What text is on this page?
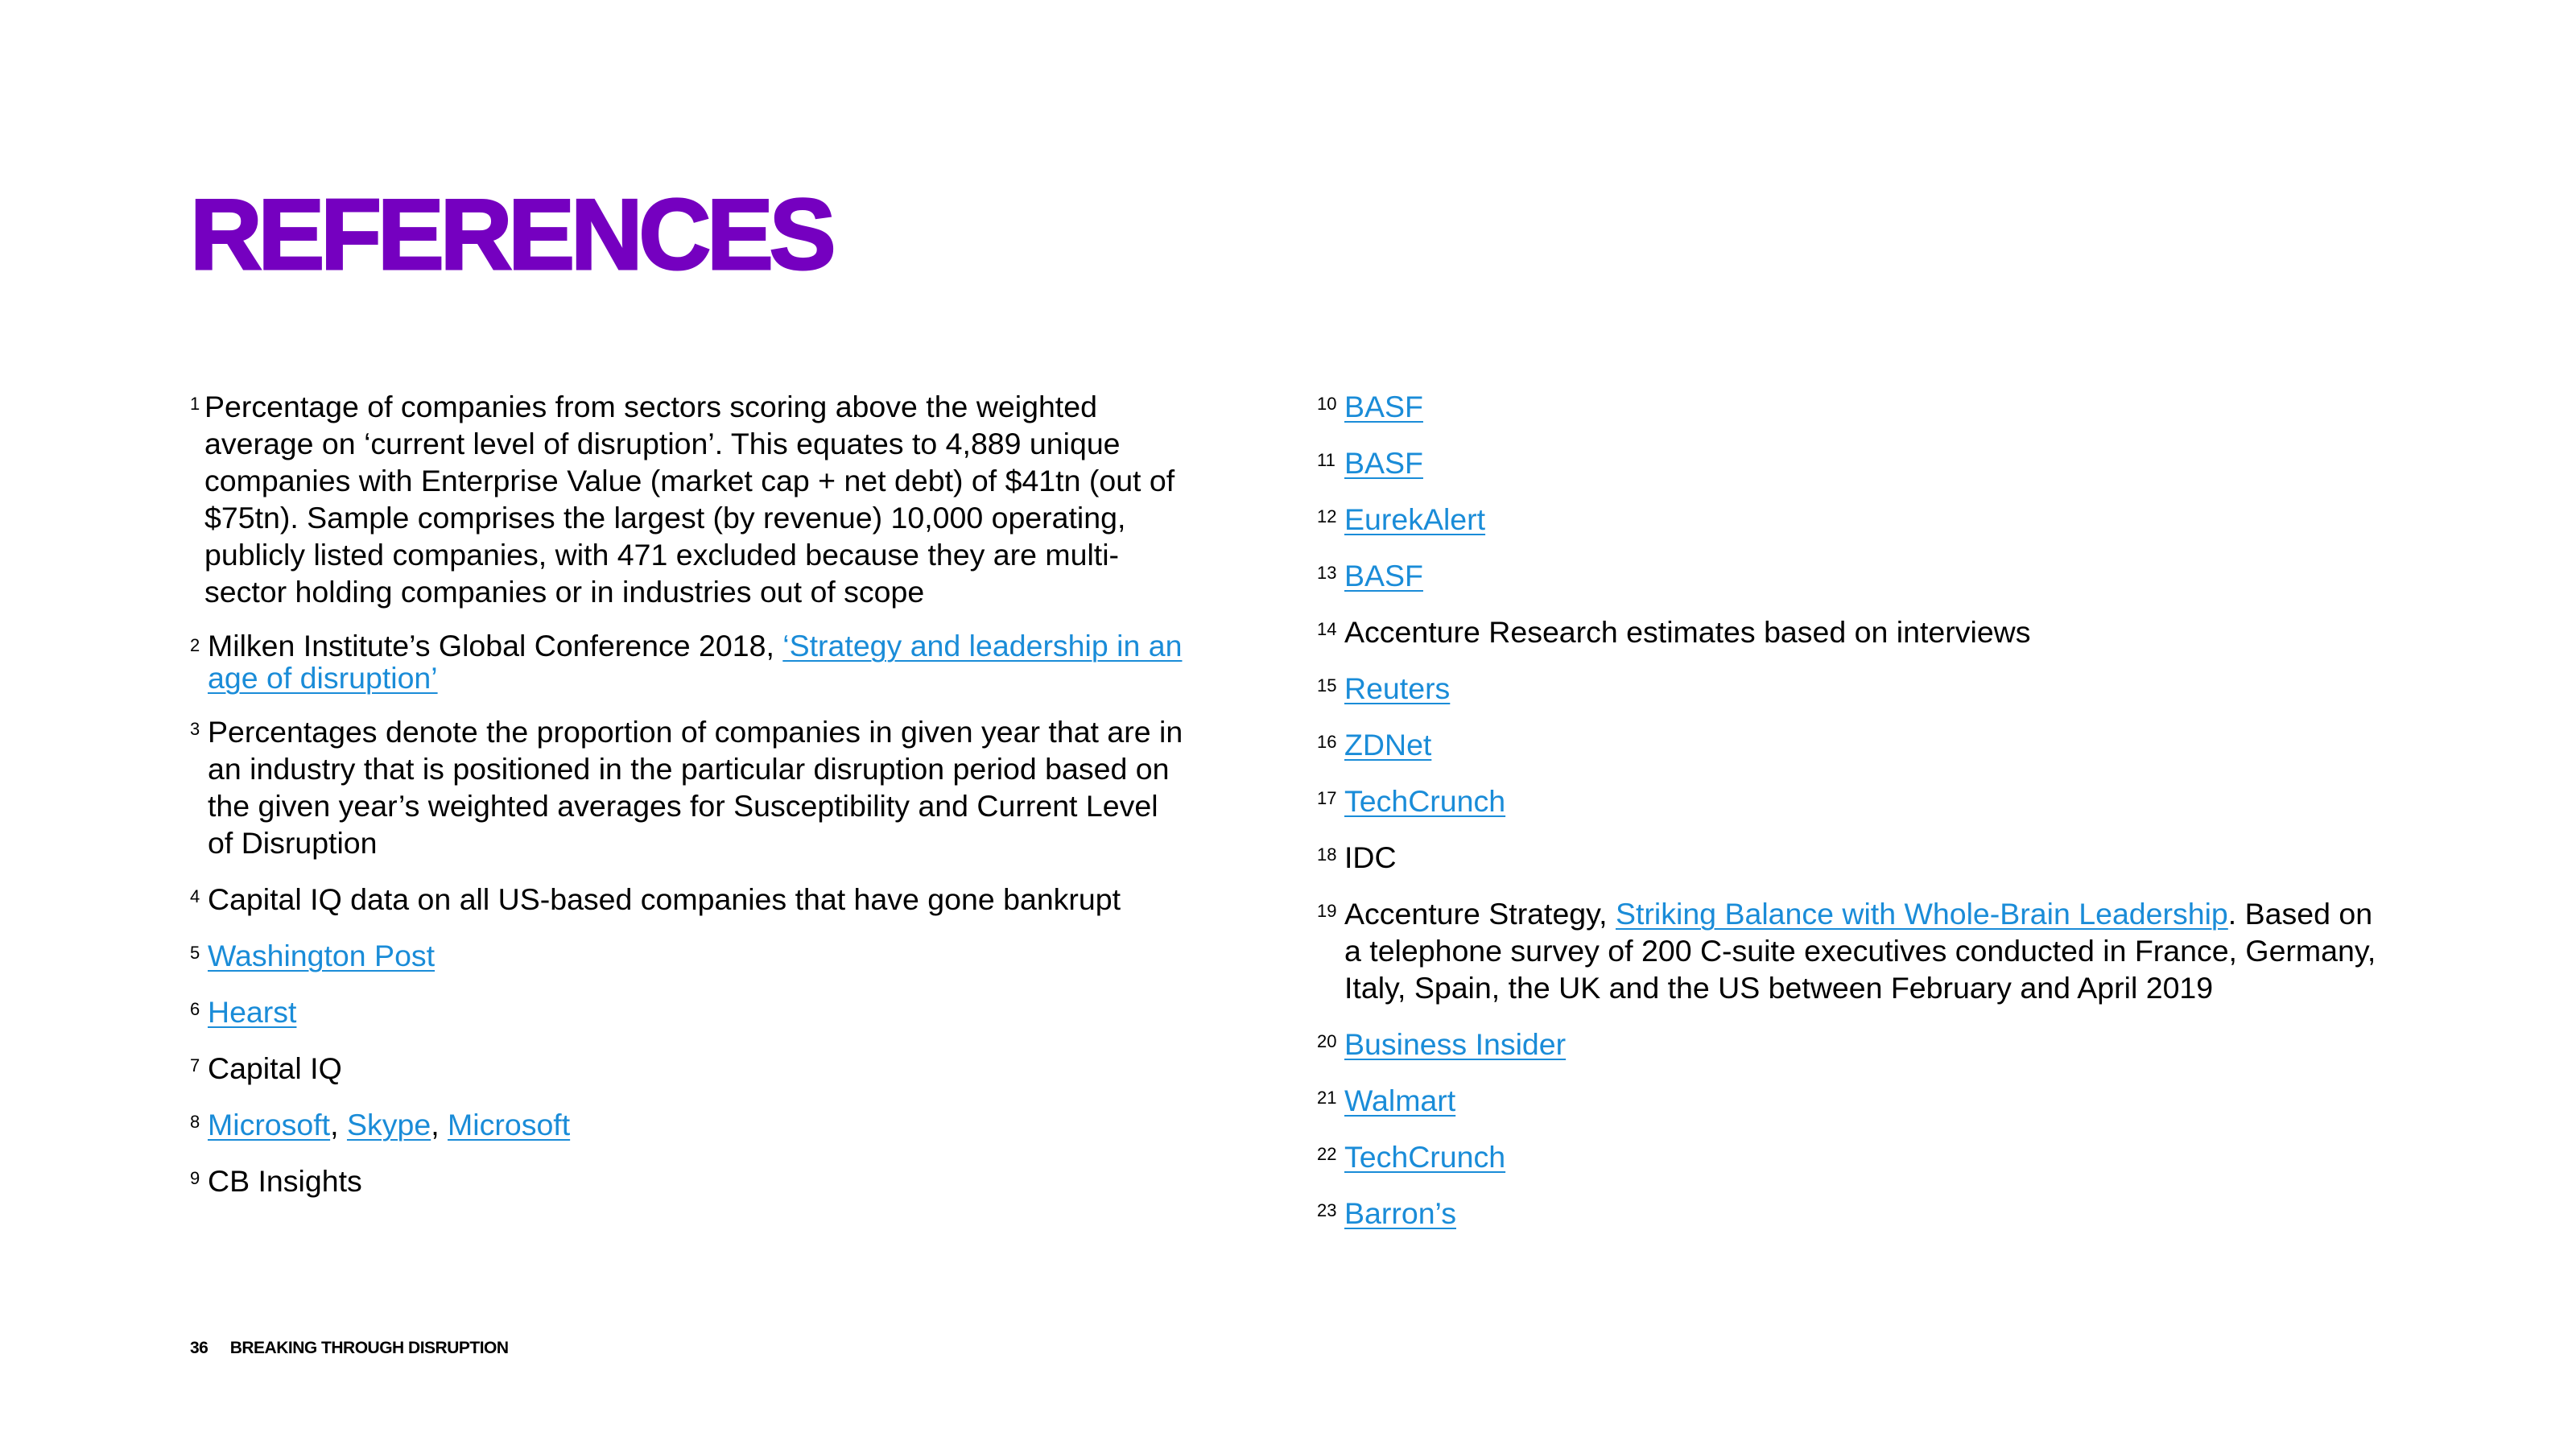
REFERENCES
1 Percentage of companies from sectors scoring above the weighted average on ‘current level of disruption’. This equates to 4,889 unique companies with Enterprise Value (market cap + net debt) of $41tn (out of $75tn). Sample comprises the largest (by revenue) 10,000 operating, publicly listed companies, with 471 excluded because they are multi-sector holding companies or in industries out of scope
2 Milken Institute’s Global Conference 2018, ‘Strategy and leadership in an age of disruption’
3 Percentages denote the proportion of companies in given year that are in an industry that is positioned in the particular disruption period based on the given year’s weighted averages for Susceptibility and Current Level of Disruption
4 Capital IQ data on all US-based companies that have gone bankrupt
5 Washington Post
6 Hearst
7 Capital IQ
8 Microsoft, Skype, Microsoft
9 CB Insights
10 BASF
11 BASF
12 EurekAlert
13 BASF
14 Accenture Research estimates based on interviews
15 Reuters
16 ZDNet
17 TechCrunch
18 IDC
19 Accenture Strategy, Striking Balance with Whole-Brain Leadership. Based on a telephone survey of 200 C-suite executives conducted in France, Germany, Italy, Spain, the UK and the US between February and April 2019
20 Business Insider
21 Walmart
22 TechCrunch
23 Barron’s
36 BREAKING THROUGH DISRUPTION
